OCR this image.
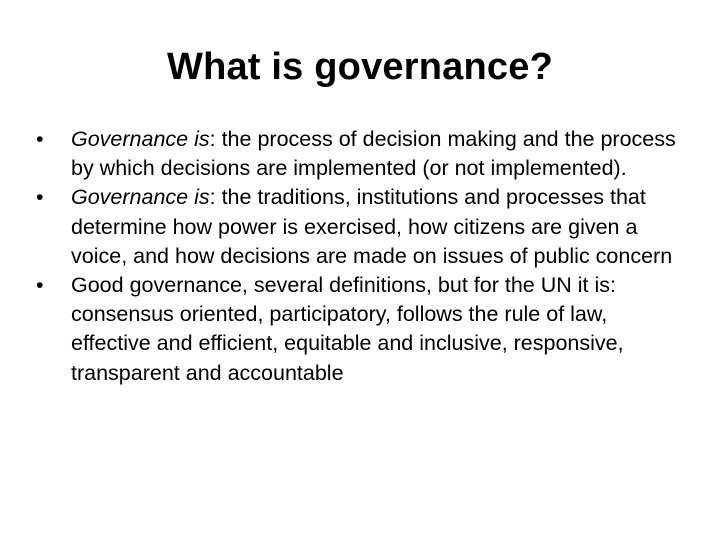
What is governance?
•	Governance is: the process of decision making and the process by which decisions are implemented (or not implemented).
•	Governance is: the traditions, institutions and processes that determine how power is exercised, how citizens are given a voice, and how decisions are made on issues of public concern
•	Good governance, several definitions, but for the UN it is: consensus oriented, participatory, follows the rule of law, effective and efficient, equitable and inclusive, responsive, transparent and accountable
